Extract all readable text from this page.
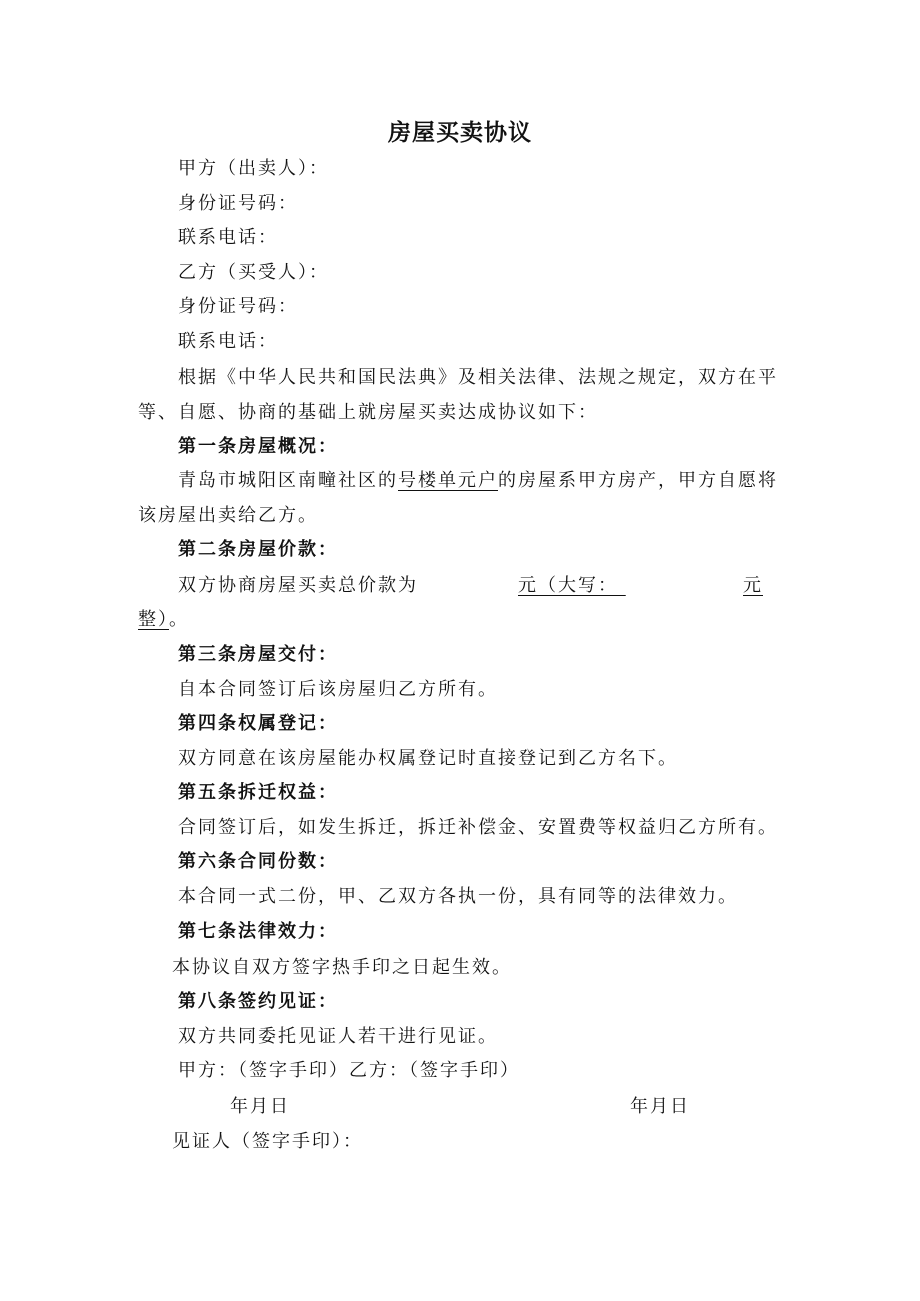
房屋买卖协议
甲方（出卖人）：
身份证号码：
联系电话：
乙方（买受人）：
身份证号码：
联系电话：
根据《中华人民共和国民法典》及相关法律、法规之规定，双方在平
等、自愿、协商的基础上就房屋买卖达成协议如下：
第一条房屋概况：
青岛市城阳区南疃社区的号楼单元户的房屋系甲方房产，甲方自愿将
该房屋出卖给乙方。
第二条房屋价款：
双方协商房屋买卖总价款为	元（大写：	元
整）。
第三条房屋交付：
自本合同签订后该房屋归乙方所有。
第四条权属登记：
双方同意在该房屋能办权属登记时直接登记到乙方名下。
第五条拆迁权益：
合同签订后，如发生拆迁，拆迁补偿金、安置费等权益归乙方所有。
第六条合同份数：
本合同一式二份，甲、乙双方各执一份，具有同等的法律效力。
第七条法律效力：
本协议自双方签字热手印之日起生效。
第八条签约见证：
双方共同委托见证人若干进行见证。
甲方：（签字手印）乙方：（签字手印）
年月日	年月日
见证人（签字手印）：
